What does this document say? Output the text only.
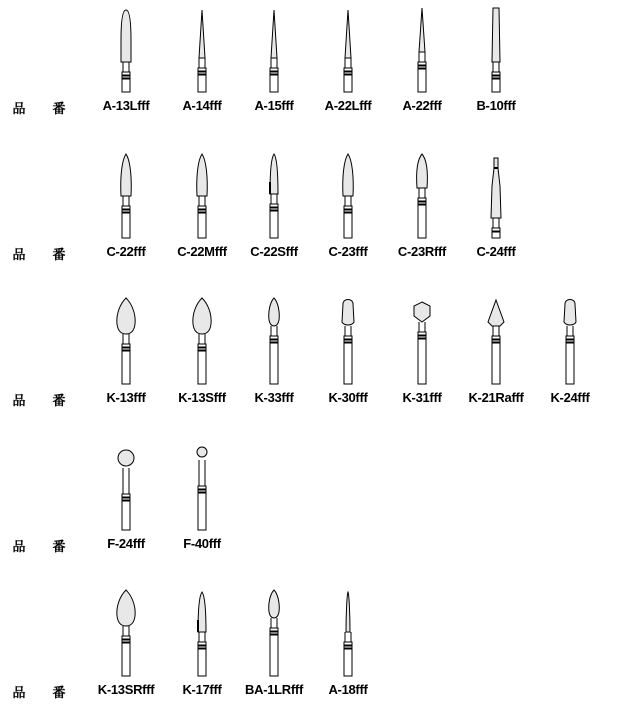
品 番	A-13Lfff	A-14fff	A-15fff	A-22Lfff	A-22fff	B-10fff
品 番	C-22fff	C-22Mfff	C-22Sfff	C-23fff	C-23Rfff	C-24fff
品 番	K-13fff	K-13Sfff	K-33fff	K-30fff	K-31fff	K-21Rafff	K-24fff
品 番	F-24fff	F-40fff
品 番	K-13SRfff	K-17fff	BA-1LRfff	A-18fff
